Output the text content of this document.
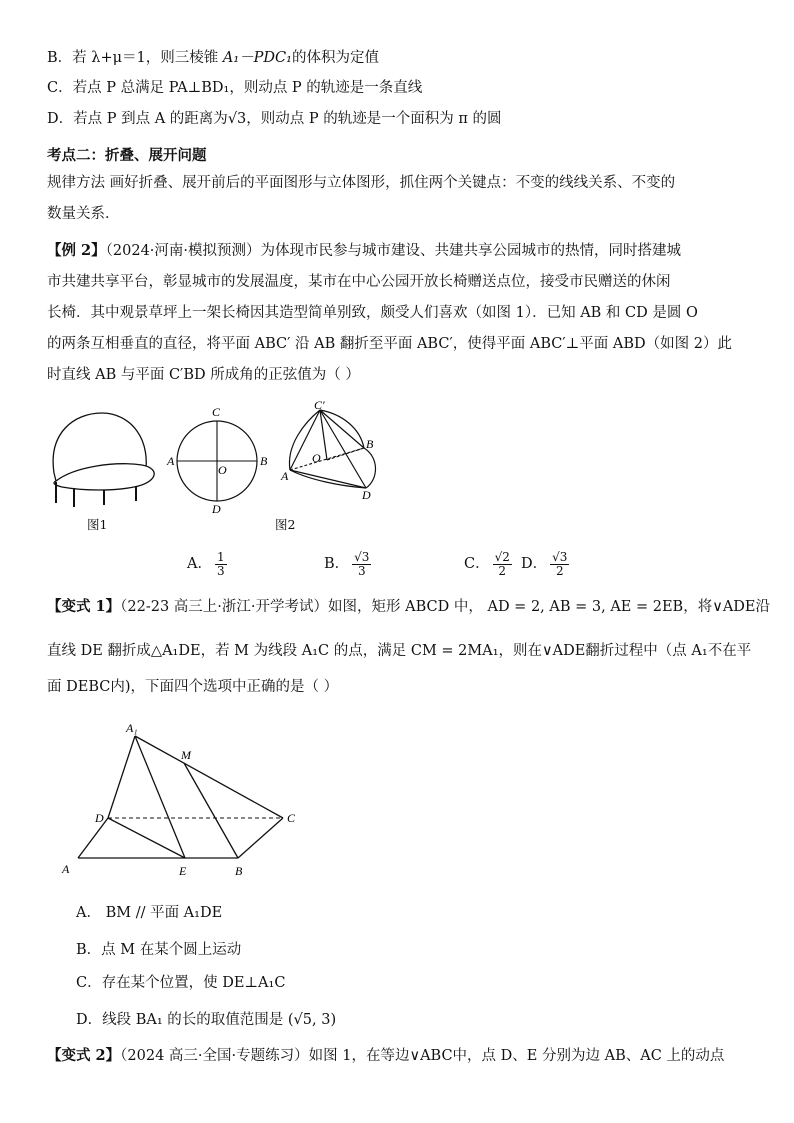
B．若 λ+μ＝1，则三棱锥 A₁－PDC₁的体积为定值
C．若点 P 总满足 PA⊥BD₁，则动点 P 的轨迹是一条直线
D．若点 P 到点 A 的距离为√3，则动点 P 的轨迹是一个面积为 π 的圆
考点二：折叠、展开问题
规律方法 画好折叠、展开前后的平面图形与立体图形，抓住两个关键点：不变的线线关系、不变的
数量关系．
【例 2】（2024·河南·模拟预测）为体现市民参与城市建设、共建共享公园城市的热情，同时搭建城
市共建共享平台，彰显城市的发展温度，某市在中心公园开放长椅赠送点位，接受市民赠送的休闲
长椅．其中观景草坪上一架长椅因其造型简单别致，颇受人们喜欢（如图 1）．已知 AB 和 CD 是圆 O
的两条互相垂直的直径，将平面 ABC′ 沿 AB 翻折至平面 ABC′，使得平面 ABC′⊥平面 ABD（如图 2）此
时直线 AB 与平面 C′BD 所成角的正弦值为（ ）
图1
C
A
O
B
D
C′
B
O
A
D
图2
A． $\frac{1}{3}$	B． $\frac{√3}{3}$	C． $\frac{√2}{2}$ D． $\frac{√3}{2}$
【变式 1】（22-23 高三上·浙江·开学考试）如图，矩形 ABCD 中， AD = 2, AB = 3, AE = 2EB，将∨ADE沿
直线 DE 翻折成△A₁DE，若 M 为线段 A₁C 的点，满足 CM = 2MA₁，则在∨ADE翻折过程中（点 A₁不在平
面 DEBC内)，下面四个选项中正确的是（ ）
A₁
M
D	C
A	E	B
A． BM // 平面 A₁DE
B．点 M 在某个圆上运动
C．存在某个位置，使 DE⊥A₁C
D．线段 BA₁ 的长的取值范围是 (√5, 3)
【变式 2】（2024 高三·全国·专题练习）如图 1，在等边∨ABC中，点 D、E 分别为边 AB、AC 上的动点
